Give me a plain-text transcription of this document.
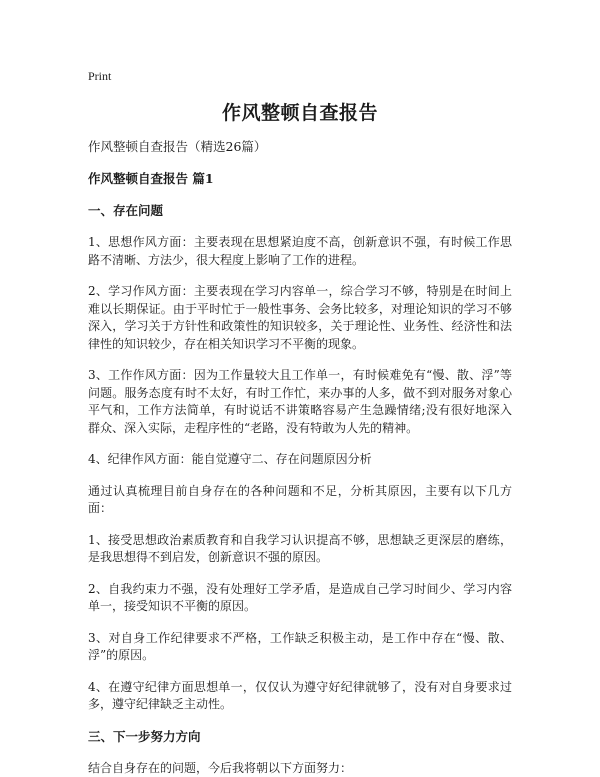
Print
作风整顿自查报告
作风整顿自查报告（精选26篇）
作风整顿自查报告 篇1
一、存在问题

1、思想作风方面：主要表现在思想紧迫度不高，创新意识不强，有时候工作思路不清晰、方法少，很大程度上影响了工作的进程。

2、学习作风方面：主要表现在学习内容单一，综合学习不够，特别是在时间上难以长期保证。由于平时忙于一般性事务、会务比较多，对理论知识的学习不够深入，学习关于方针性和政策性的知识较多，关于理论性、业务性、经济性和法律性的知识较少，存在相关知识学习不平衡的现象。

3、工作作风方面：因为工作量较大且工作单一，有时候难免有“慢、散、浮”等问题。服务态度有时不太好，有时工作忙，来办事的人多，做不到对服务对象心平气和，工作方法简单，有时说话不讲策略容易产生急躁情绪;没有很好地深入群众、深入实际，走程序性的“老路，没有特敢为人先的精神。

4、纪律作风方面：能自觉遵守二、存在问题原因分析

通过认真梳理目前自身存在的各种问题和不足，分析其原因，主要有以下几方面：

1、接受思想政治素质教育和自我学习认识提高不够，思想缺乏更深层的磨练，是我思想得不到启发，创新意识不强的原因。

2、自我约束力不强，没有处理好工学矛盾，是造成自己学习时间少、学习内容单一，接受知识不平衡的原因。

3、对自身工作纪律要求不严格，工作缺乏积极主动，是工作中存在“慢、散、浮”的原因。

4、在遵守纪律方面思想单一，仅仅认为遵守好纪律就够了，没有对自身要求过多，遵守纪律缺乏主动性。

三、下一步努力方向

结合自身存在的问题，今后我将朝以下方面努力：
